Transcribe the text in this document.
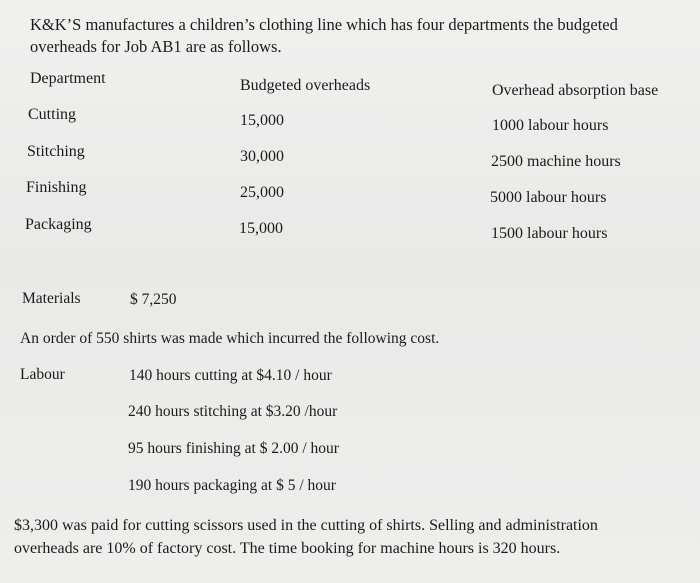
K&K’S manufactures a children’s clothing line which has four departments the budgeted
overheads for Job AB1 are as follows.
Department	Budgeted overheads	Overhead absorption base
Cutting	15,000	1000 labour hours
Stitching	30,000	2500 machine hours
Finishing	25,000	5000 labour hours
Packaging	15,000	1500 labour hours
Materials	$ 7,250
An order of 550 shirts was made which incurred the following cost.
Labour	140 hours cutting at $4.10 / hour
240 hours stitching at $3.20 /hour
95 hours finishing at $ 2.00 / hour
190 hours packaging at $ 5 / hour
$3,300 was paid for cutting scissors used in the cutting of shirts. Selling and administration
overheads are 10% of factory cost. The time booking for machine hours is 320 hours.
